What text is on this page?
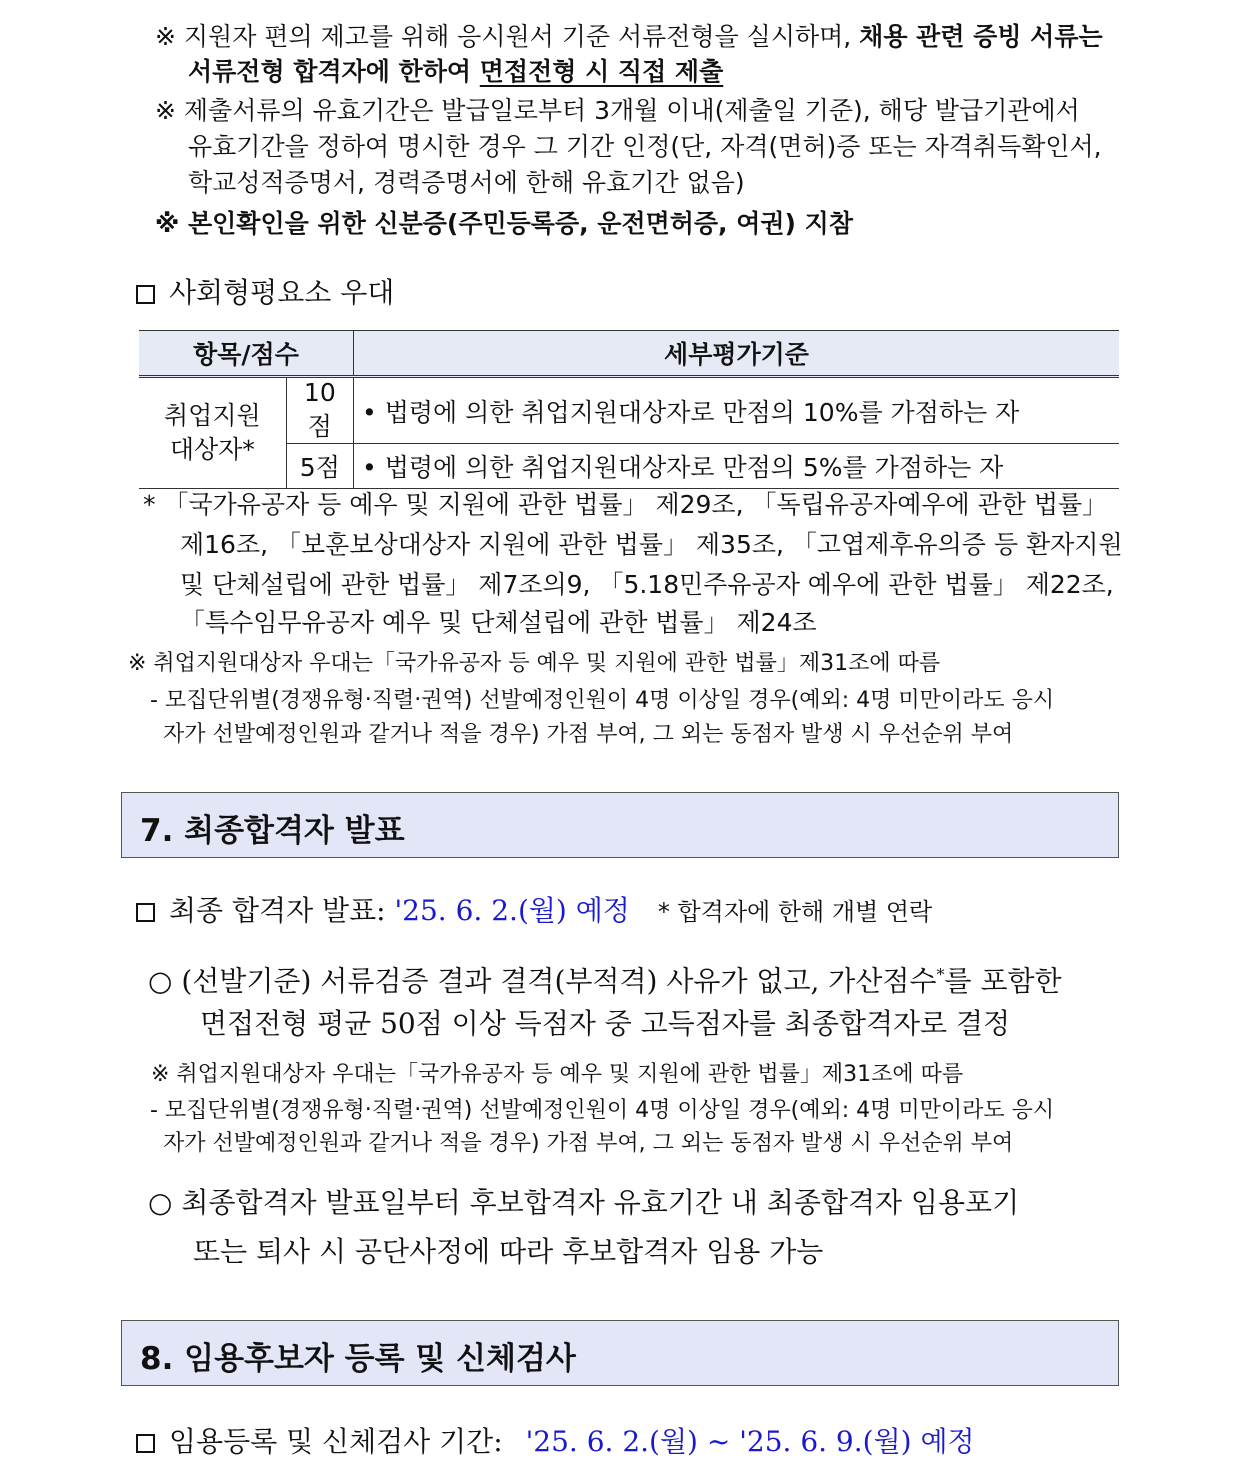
※ 지원자 편의 제고를 위해 응시원서 기준 서류전형을 실시하며, 채용 관련 증빙 서류는
서류전형 합격자에 한하여 면접전형 시 직접 제출
※ 제출서류의 유효기간은 발급일로부터 3개월 이내(제출일 기준), 해당 발급기관에서
유효기간을 정하여 명시한 경우 그 기간 인정(단, 자격(면허)증 또는 자격취득확인서,
학교성적증명서, 경력증명서에 한해 유효기간 없음)
※ 본인확인을 위한 신분증(주민등록증, 운전면허증, 여권) 지참
사회형평요소 우대
항목/점수		세부평가기준
취업지원
대상자*	10점	• 법령에 의한 취업지원대상자로 만점의 10%를 가점하는 자
	5점	• 법령에 의한 취업지원대상자로 만점의 5%를 가점하는 자
* 「국가유공자 등 예우 및 지원에 관한 법률」 제29조, 「독립유공자예우에 관한 법률」
제16조, 「보훈보상대상자 지원에 관한 법률」 제35조, 「고엽제후유의증 등 환자지원
및 단체설립에 관한 법률」 제7조의9, 「5.18민주유공자 예우에 관한 법률」 제22조,
「특수임무유공자 예우 및 단체설립에 관한 법률」 제24조
※ 취업지원대상자 우대는「국가유공자 등 예우 및 지원에 관한 법률」제31조에 따름
- 모집단위별(경쟁유형‧직렬‧권역) 선발예정인원이 4명 이상일 경우(예외: 4명 미만이라도 응시
자가 선발예정인원과 같거나 적을 경우) 가점 부여, 그 외는 동점자 발생 시 우선순위 부여
7. 최종합격자 발표
최종 합격자 발표: '25. 6. 2.(월) 예정 * 합격자에 한해 개별 연락
○ (선발기준) 서류검증 결과 결격(부적격) 사유가 없고, 가산점수*를 포함한
면접전형 평균 50점 이상 득점자 중 고득점자를 최종합격자로 결정
※ 취업지원대상자 우대는「국가유공자 등 예우 및 지원에 관한 법률」제31조에 따름
- 모집단위별(경쟁유형‧직렬‧권역) 선발예정인원이 4명 이상일 경우(예외: 4명 미만이라도 응시
자가 선발예정인원과 같거나 적을 경우) 가점 부여, 그 외는 동점자 발생 시 우선순위 부여
○ 최종합격자 발표일부터 후보합격자 유효기간 내 최종합격자 임용포기
또는 퇴사 시 공단사정에 따라 후보합격자 임용 가능
8. 임용후보자 등록 및 신체검사
임용등록 및 신체검사 기간: '25. 6. 2.(월) ~ '25. 6. 9.(월) 예정
